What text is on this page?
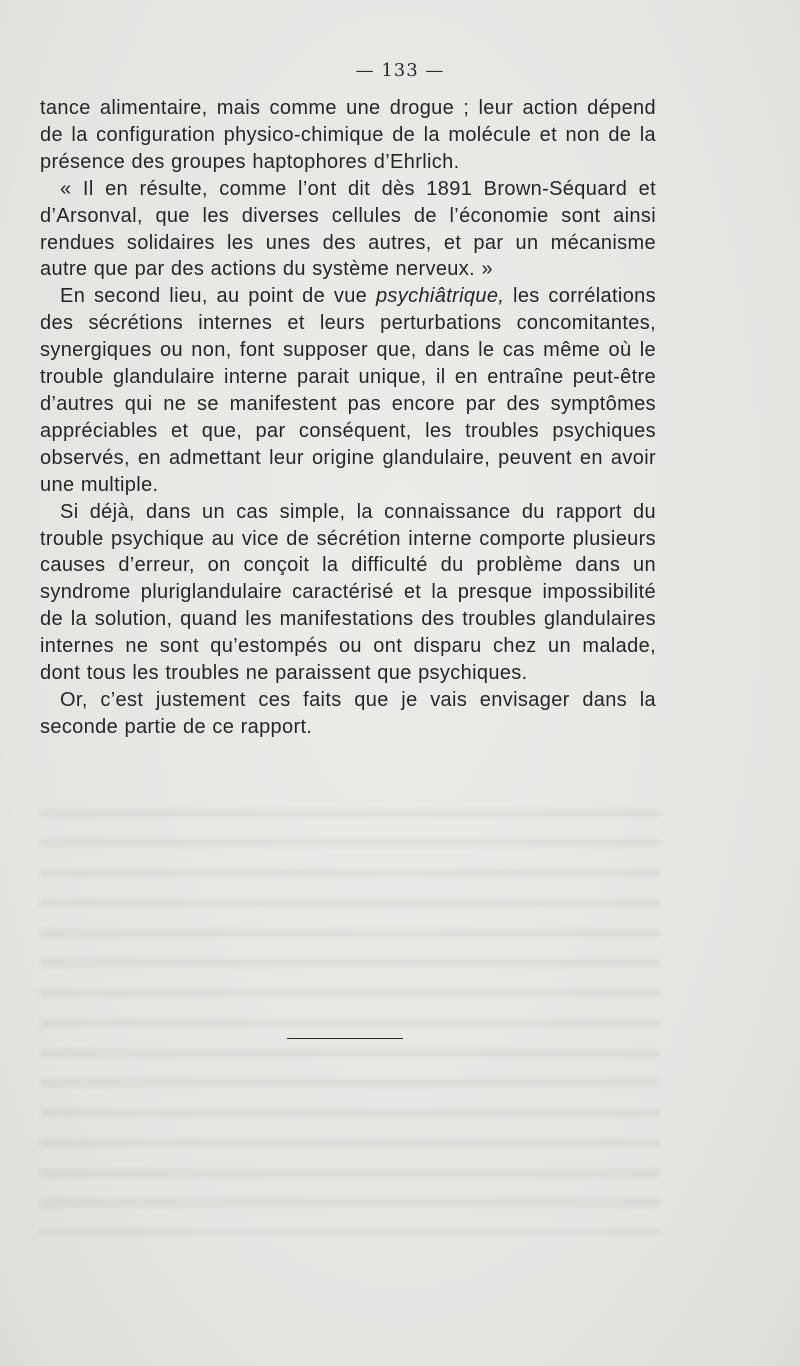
— 133 —

tance alimentaire, mais comme une drogue ; leur action dépend de la configuration physico-chimique de la molécule et non de la présence des groupes haptophores d’Ehrlich.

« Il en résulte, comme l’ont dit dès 1891 Brown-Séquard et d’Arsonval, que les diverses cellules de l’économie sont ainsi rendues solidaires les unes des autres, et par un mécanisme autre que par des actions du système nerveux. »

En second lieu, au point de vue psychiâtrique, les corrélations des sécrétions internes et leurs perturbations concomitantes, synergiques ou non, font supposer que, dans le cas même où le trouble glandulaire interne parait unique, il en entraîne peut-être d’autres qui ne se manifestent pas encore par des symptômes appréciables et que, par conséquent, les troubles psychiques observés, en admettant leur origine glandulaire, peuvent en avoir une multiple.

Si déjà, dans un cas simple, la connaissance du rapport du trouble psychique au vice de sécrétion interne comporte plusieurs causes d’erreur, on conçoit la difficulté du problème dans un syndrome pluriglandulaire caractérisé et la presque impossibilité de la solution, quand les manifestations des troubles glandulaires internes ne sont qu’estompés ou ont disparu chez un malade, dont tous les troubles ne paraissent que psychiques.

Or, c’est justement ces faits que je vais envisager dans la seconde partie de ce rapport.
